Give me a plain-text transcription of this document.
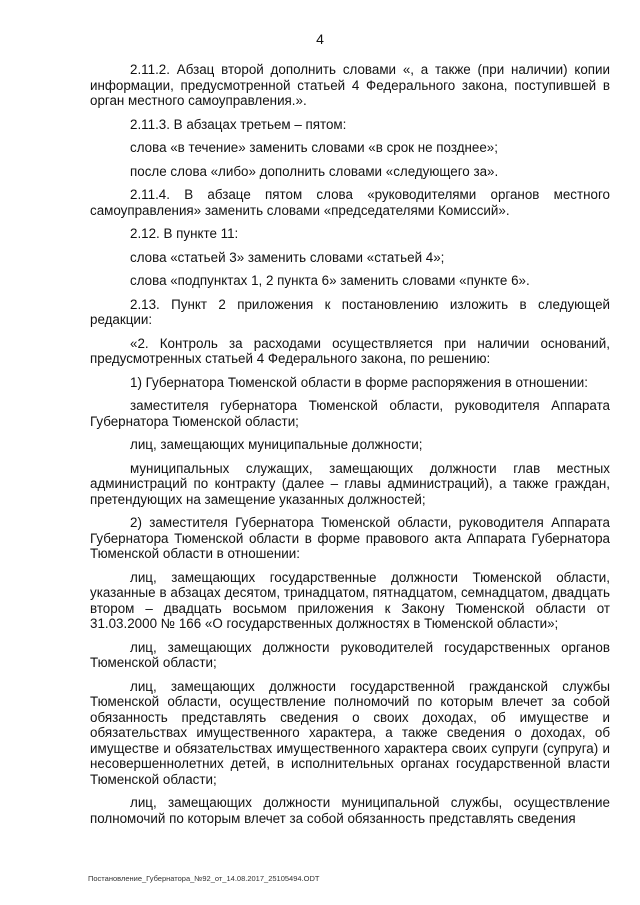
4

2.11.2. Абзац второй дополнить словами «, а также (при наличии) копии информации, предусмотренной статьей 4 Федерального закона, поступившей в орган местного самоуправления.».

2.11.3. В абзацах третьем – пятом:

слова «в течение» заменить словами «в срок не позднее»;

после слова «либо» дополнить словами «следующего за».

2.11.4. В абзаце пятом слова «руководителями органов местного самоуправления» заменить словами «председателями Комиссий».

2.12. В пункте 11:

слова «статьей 3» заменить словами «статьей 4»;

слова «подпунктах 1, 2 пункта 6» заменить словами «пункте 6».

2.13. Пункт 2 приложения к постановлению изложить в следующей редакции:

«2. Контроль за расходами осуществляется при наличии оснований, предусмотренных статьей 4 Федерального закона, по решению:

1) Губернатора Тюменской области в форме распоряжения в отношении:

заместителя губернатора Тюменской области, руководителя Аппарата Губернатора Тюменской области;

лиц, замещающих муниципальные должности;

муниципальных служащих, замещающих должности глав местных администраций по контракту (далее – главы администраций), а также граждан, претендующих на замещение указанных должностей;

2) заместителя Губернатора Тюменской области, руководителя Аппарата Губернатора Тюменской области в форме правового акта Аппарата Губернатора Тюменской области в отношении:

лиц, замещающих государственные должности Тюменской области, указанные в абзацах десятом, тринадцатом, пятнадцатом, семнадцатом, двадцать втором – двадцать восьмом приложения к Закону Тюменской области от 31.03.2000 № 166 «О государственных должностях в Тюменской области»;

лиц, замещающих должности руководителей государственных органов Тюменской области;

лиц, замещающих должности государственной гражданской службы Тюменской области, осуществление полномочий по которым влечет за собой обязанность представлять сведения о своих доходах, об имуществе и обязательствах имущественного характера, а также сведения о доходах, об имуществе и обязательствах имущественного характера своих супруги (супруга) и несовершеннолетних детей, в исполнительных органах государственной власти Тюменской области;

лиц, замещающих должности муниципальной службы, осуществление полномочий по которым влечет за собой обязанность представлять сведения

Постановление_Губернатора_№92_от_14.08.2017_25105494.ODT
